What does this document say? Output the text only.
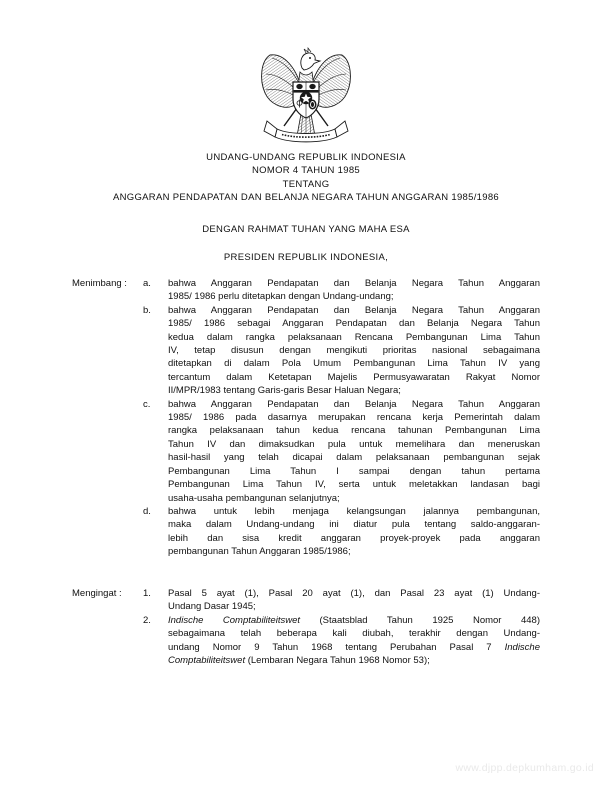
UNDANG-UNDANG REPUBLIK INDONESIA
NOMOR 4 TAHUN 1985
TENTANG
ANGGARAN PENDAPATAN DAN BELANJA NEGARA TAHUN ANGGARAN 1985/1986
DENGAN RAHMAT TUHAN YANG MAHA ESA
PRESIDEN REPUBLIK INDONESIA,
Menimbang :	a.	bahwa Anggaran Pendapatan dan Belanja Negara Tahun Anggaran
1985/ 1986 perlu ditetapkan dengan Undang-undang;
b.	bahwa Anggaran Pendapatan dan Belanja Negara Tahun Anggaran
1985/ 1986 sebagai Anggaran Pendapatan dan Belanja Negara Tahun
kedua dalam rangka pelaksanaan Rencana Pembangunan Lima Tahun
IV, tetap disusun dengan mengikuti prioritas nasional sebagaimana
ditetapkan di dalam Pola Umum Pembangunan Lima Tahun IV yang
tercantum dalam Ketetapan Majelis Permusyawaratan Rakyat Nomor
II/MPR/1983 tentang Garis-garis Besar Haluan Negara;
c.	bahwa Anggaran Pendapatan dan Belanja Negara Tahun Anggaran
1985/ 1986 pada dasarnya merupakan rencana kerja Pemerintah dalam
rangka pelaksanaan tahun kedua rencana tahunan Pembangunan Lima
Tahun IV dan dimaksudkan pula untuk memelihara dan meneruskan
hasil-hasil yang telah dicapai dalam pelaksanaan pembangunan sejak
Pembangunan Lima Tahun I sampai dengan tahun pertama
Pembangunan Lima Tahun IV, serta untuk meletakkan landasan bagi
usaha-usaha pembangunan selanjutnya;
d.	bahwa untuk lebih menjaga kelangsungan jalannya pembangunan,
maka dalam Undang-undang ini diatur pula tentang saldo-anggaran-
lebih dan sisa kredit anggaran proyek-proyek pada anggaran
pembangunan Tahun Anggaran 1985/1986;
Mengingat :	1.	Pasal 5 ayat (1), Pasal 20 ayat (1), dan Pasal 23 ayat (1) Undang-
Undang Dasar 1945;
2.	Indische Comptabiliteitswet (Staatsblad Tahun 1925 Nomor 448)
sebagaimana telah beberapa kali diubah, terakhir dengan Undang-
undang Nomor 9 Tahun 1968 tentang Perubahan Pasal 7 Indische
Comptabiliteitswet (Lembaran Negara Tahun 1968 Nomor 53);
www.djpp.depkumham.go.id
